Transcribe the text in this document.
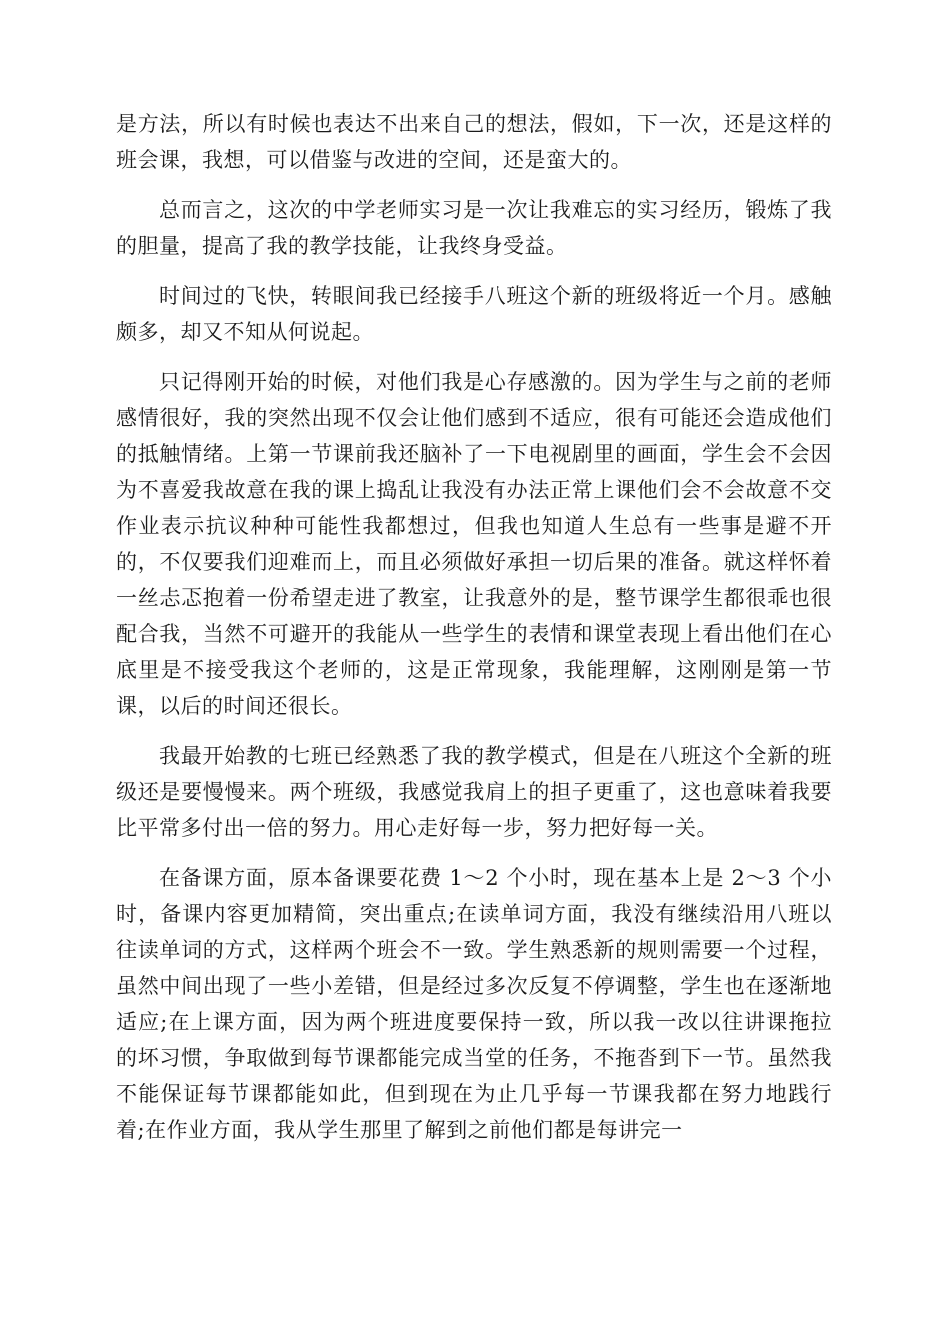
是方法，所以有时候也表达不出来自己的想法，假如，下一次，还是这样的班会课，我想，可以借鉴与改进的空间，还是蛮大的。

总而言之，这次的中学老师实习是一次让我难忘的实习经历，锻炼了我的胆量，提高了我的教学技能，让我终身受益。

时间过的飞快，转眼间我已经接手八班这个新的班级将近一个月。感触颇多，却又不知从何说起。

只记得刚开始的时候，对他们我是心存感激的。因为学生与之前的老师感情很好，我的突然出现不仅会让他们感到不适应，很有可能还会造成他们的抵触情绪。上第一节课前我还脑补了一下电视剧里的画面，学生会不会因为不喜爱我故意在我的课上捣乱让我没有办法正常上课他们会不会故意不交作业表示抗议种种可能性我都想过，但我也知道人生总有一些事是避不开的，不仅要我们迎难而上，而且必须做好承担一切后果的准备。就这样怀着一丝忐忑抱着一份希望走进了教室，让我意外的是，整节课学生都很乖也很配合我，当然不可避开的我能从一些学生的表情和课堂表现上看出他们在心底里是不接受我这个老师的，这是正常现象，我能理解，这刚刚是第一节课，以后的时间还很长。

我最开始教的七班已经熟悉了我的教学模式，但是在八班这个全新的班级还是要慢慢来。两个班级，我感觉我肩上的担子更重了，这也意味着我要比平常多付出一倍的努力。用心走好每一步，努力把好每一关。

在备课方面，原本备课要花费 1～2 个小时，现在基本上是 2～3 个小时，备课内容更加精简，突出重点;在读单词方面，我没有继续沿用八班以往读单词的方式，这样两个班会不一致。学生熟悉新的规则需要一个过程，虽然中间出现了一些小差错，但是经过多次反复不停调整，学生也在逐渐地适应;在上课方面，因为两个班进度要保持一致，所以我一改以往讲课拖拉的坏习惯，争取做到每节课都能完成当堂的任务，不拖沓到下一节。虽然我不能保证每节课都能如此，但到现在为止几乎每一节课我都在努力地践行着;在作业方面，我从学生那里了解到之前他们都是每讲完一
